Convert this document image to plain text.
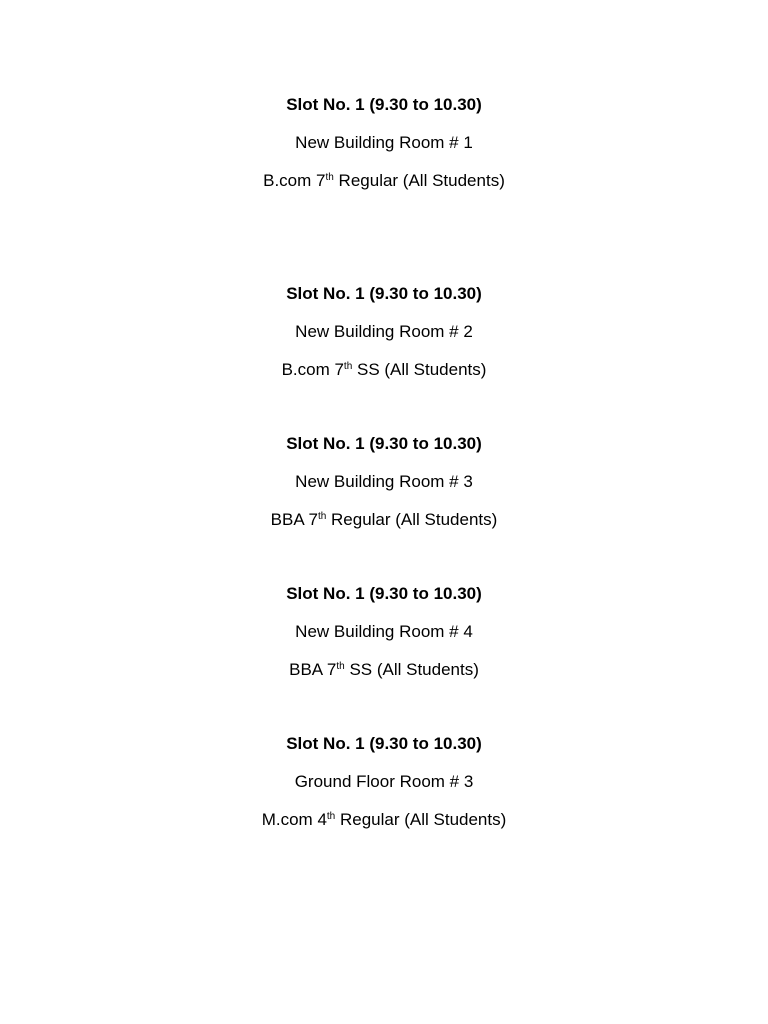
Slot No. 1 (9.30 to 10.30)
New Building Room # 1
B.com 7th Regular (All Students)
Slot No. 1 (9.30 to 10.30)
New Building Room # 2
B.com 7th SS (All Students)
Slot No. 1 (9.30 to 10.30)
New Building Room # 3
BBA 7th Regular (All Students)
Slot No. 1 (9.30 to 10.30)
New Building Room # 4
BBA 7th SS (All Students)
Slot No. 1 (9.30 to 10.30)
Ground Floor Room # 3
M.com 4th Regular (All Students)
